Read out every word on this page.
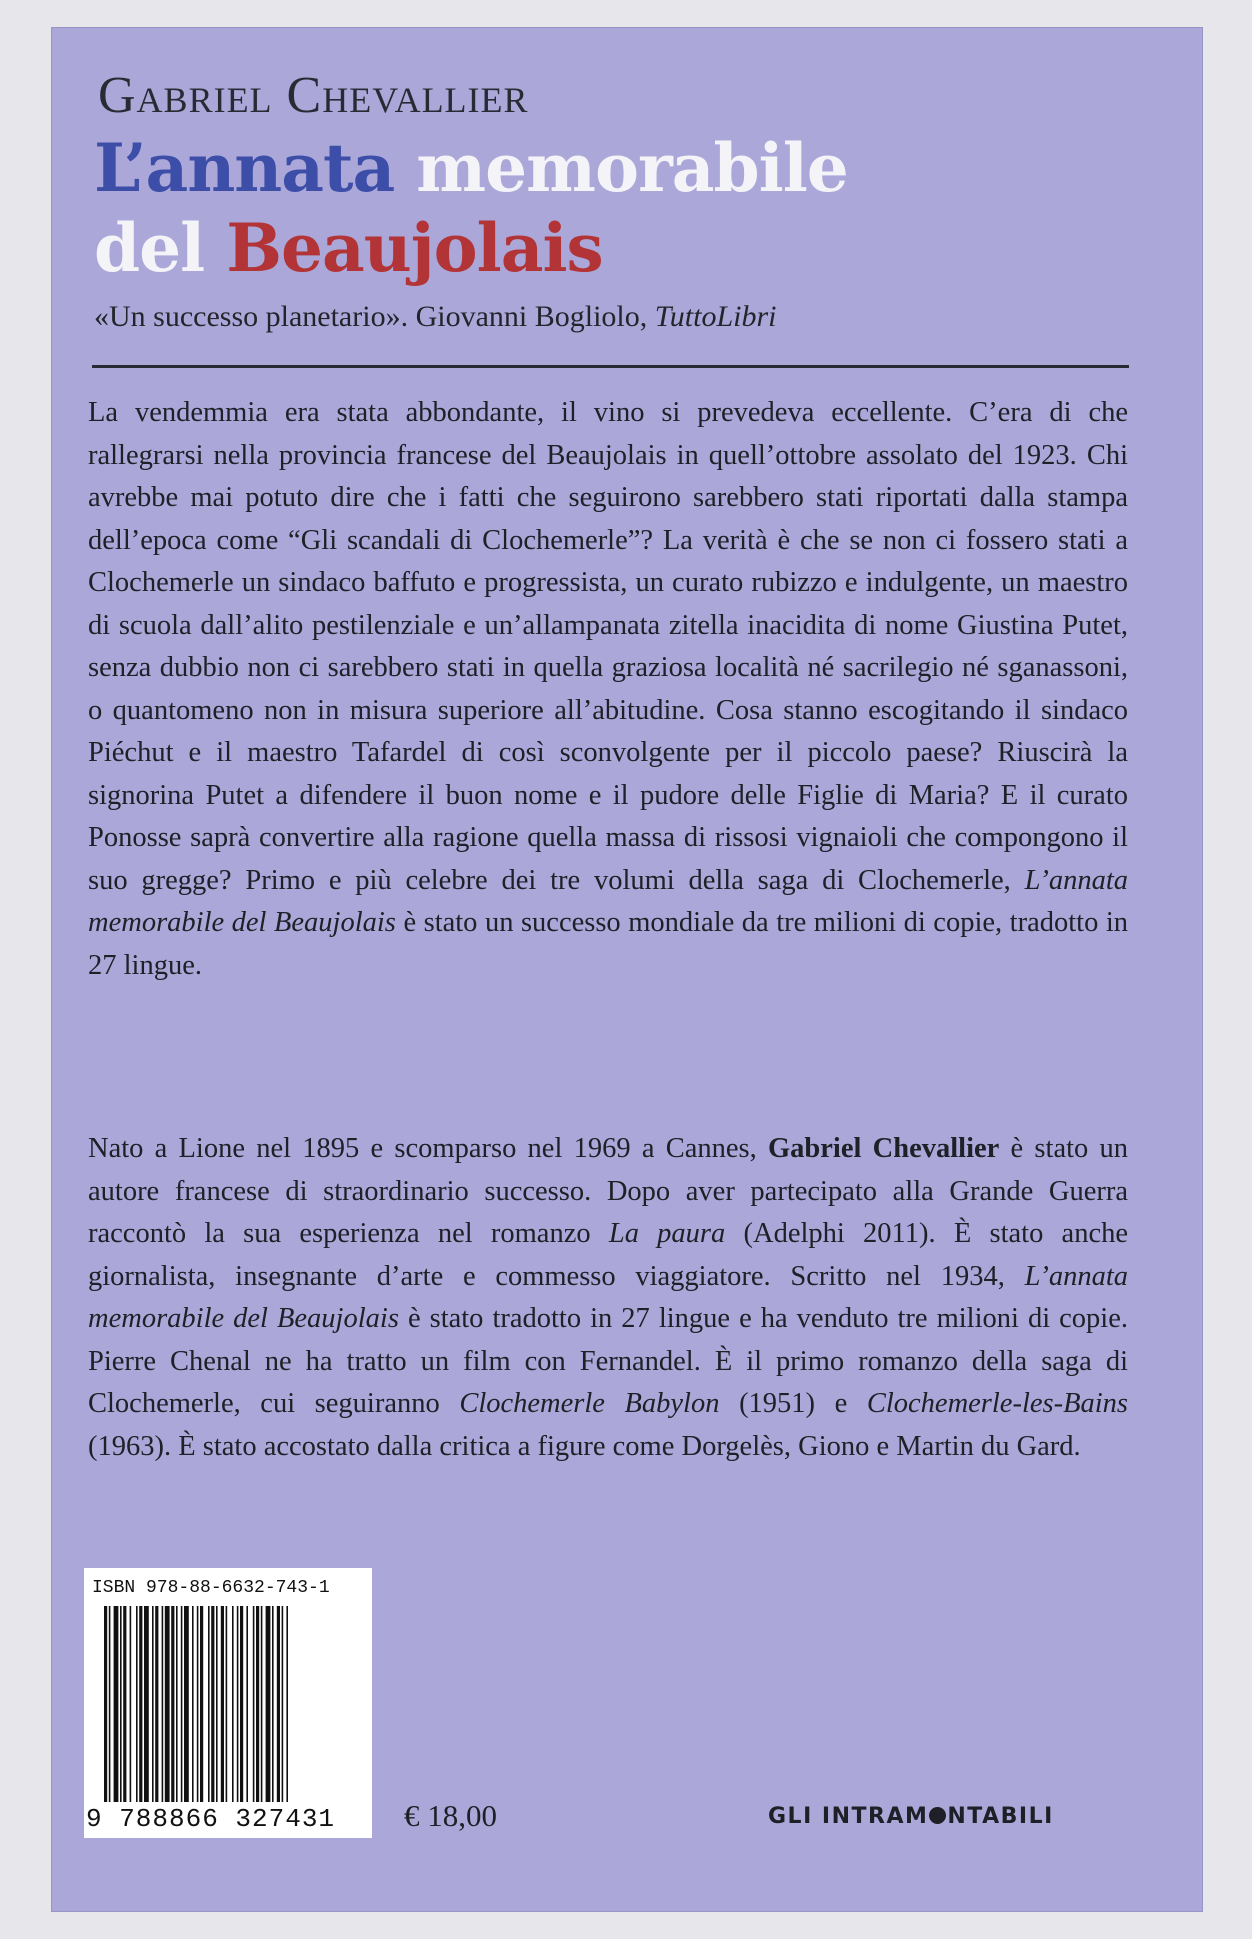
Gabriel Chevallier
L’annata memorabile
del Beaujolais
«Un successo planetario». Giovanni Bogliolo, TuttoLibri

La vendemmia era stata abbondante, il vino si prevedeva eccellente. C’era di che rallegrarsi nella provincia francese del Beaujolais in quell’ottobre assolato del 1923. Chi avrebbe mai potuto dire che i fatti che seguirono sarebbero stati riportati dalla stampa dell’epoca come “Gli scandali di Clochemerle”? La verità è che se non ci fossero stati a Clochemerle un sindaco baffuto e progressista, un curato rubizzo e indulgente, un maestro di scuola dall’alito pestilenziale e un’allampanata zitella inacidita di nome Giustina Putet, senza dubbio non ci sarebbero stati in quella graziosa località né sacrilegio né sganassoni, o quantomeno non in misura superiore all’abitudine. Cosa stanno escogitando il sindaco Piéchut e il maestro Tafardel di così sconvolgente per il piccolo paese? Riuscirà la signorina Putet a difendere il buon nome e il pudore delle Figlie di Maria? E il curato Ponosse saprà convertire alla ragione quella massa di rissosi vignaioli che compongono il suo gregge? Primo e più celebre dei tre volumi della saga di Clochemerle, L’annata memorabile del Beaujolais è stato un successo mondiale da tre milioni di copie, tradotto in 27 lingue.

Nato a Lione nel 1895 e scomparso nel 1969 a Cannes, Gabriel Chevallier è stato un autore francese di straordinario successo. Dopo aver partecipato alla Grande Guerra raccontò la sua esperienza nel romanzo La paura (Adelphi 2011). È stato anche giornalista, insegnante d’arte e commesso viaggiatore. Scritto nel 1934, L’annata memorabile del Beaujolais è stato tradotto in 27 lingue e ha venduto tre milioni di copie. Pierre Chenal ne ha tratto un film con Fernandel. È il primo romanzo della saga di Clochemerle, cui seguiranno Clochemerle Babylon (1951) e Clochemerle-les-Bains (1963). È stato accostato dalla critica a figure come Dorgelès, Giono e Martin du Gard.

ISBN 978-88-6632-743-1
9 788866 327431 € 18,00	GLI INTRAM NTABILI
